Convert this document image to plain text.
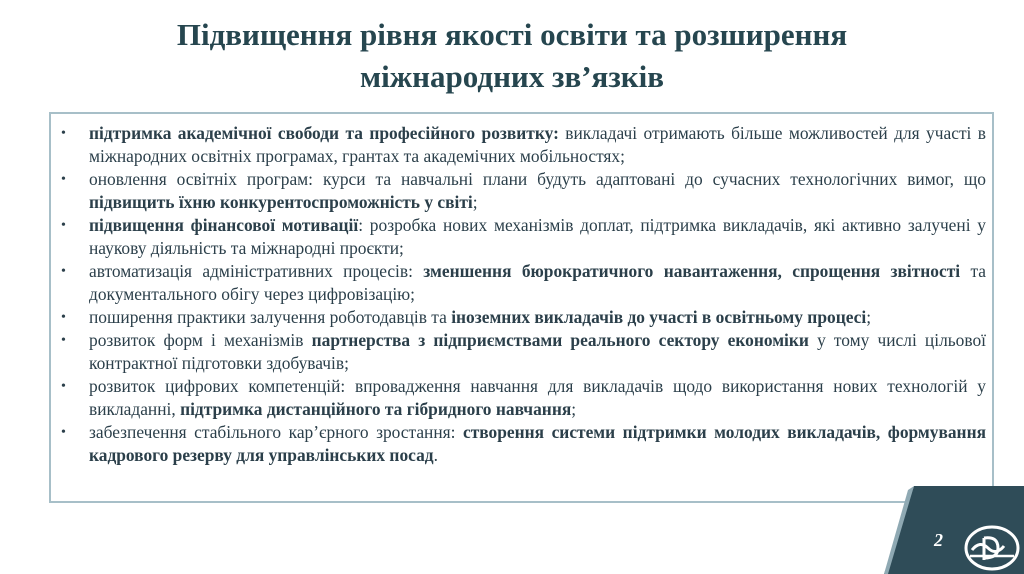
Підвищення рівня якості освіти та розширення
міжнародних зв’язків
•	підтримка академічної свободи та професійного розвитку: викладачі отримають більше можливостей для участі в міжнародних освітніх програмах, грантах та академічних мобільностях;
•	оновлення освітніх програм: курси та навчальні плани будуть адаптовані до сучасних технологічних вимог, що підвищить їхню конкурентоспроможність у світі;
•	підвищення фінансової мотивації: розробка нових механізмів доплат, підтримка викладачів, які активно залучені у наукову діяльність та міжнародні проєкти;
•	автоматизація адміністративних процесів: зменшення бюрократичного навантаження, спрощення звітності та документального обігу через цифровізацію;
•	поширення практики залучення роботодавців та іноземних викладачів до участі в освітньому процесі;
•	розвиток форм і механізмів партнерства з підприємствами реального сектору економіки у тому числі цільової контрактної підготовки здобувачів;
•	розвиток цифрових компетенцій: впровадження навчання для викладачів щодо використання нових технологій у викладанні, підтримка дистанційного та гібридного навчання;
•	забезпечення стабільного кар’єрного зростання: створення системи підтримки молодих викладачів, формування кадрового резерву для управлінських посад.
2
